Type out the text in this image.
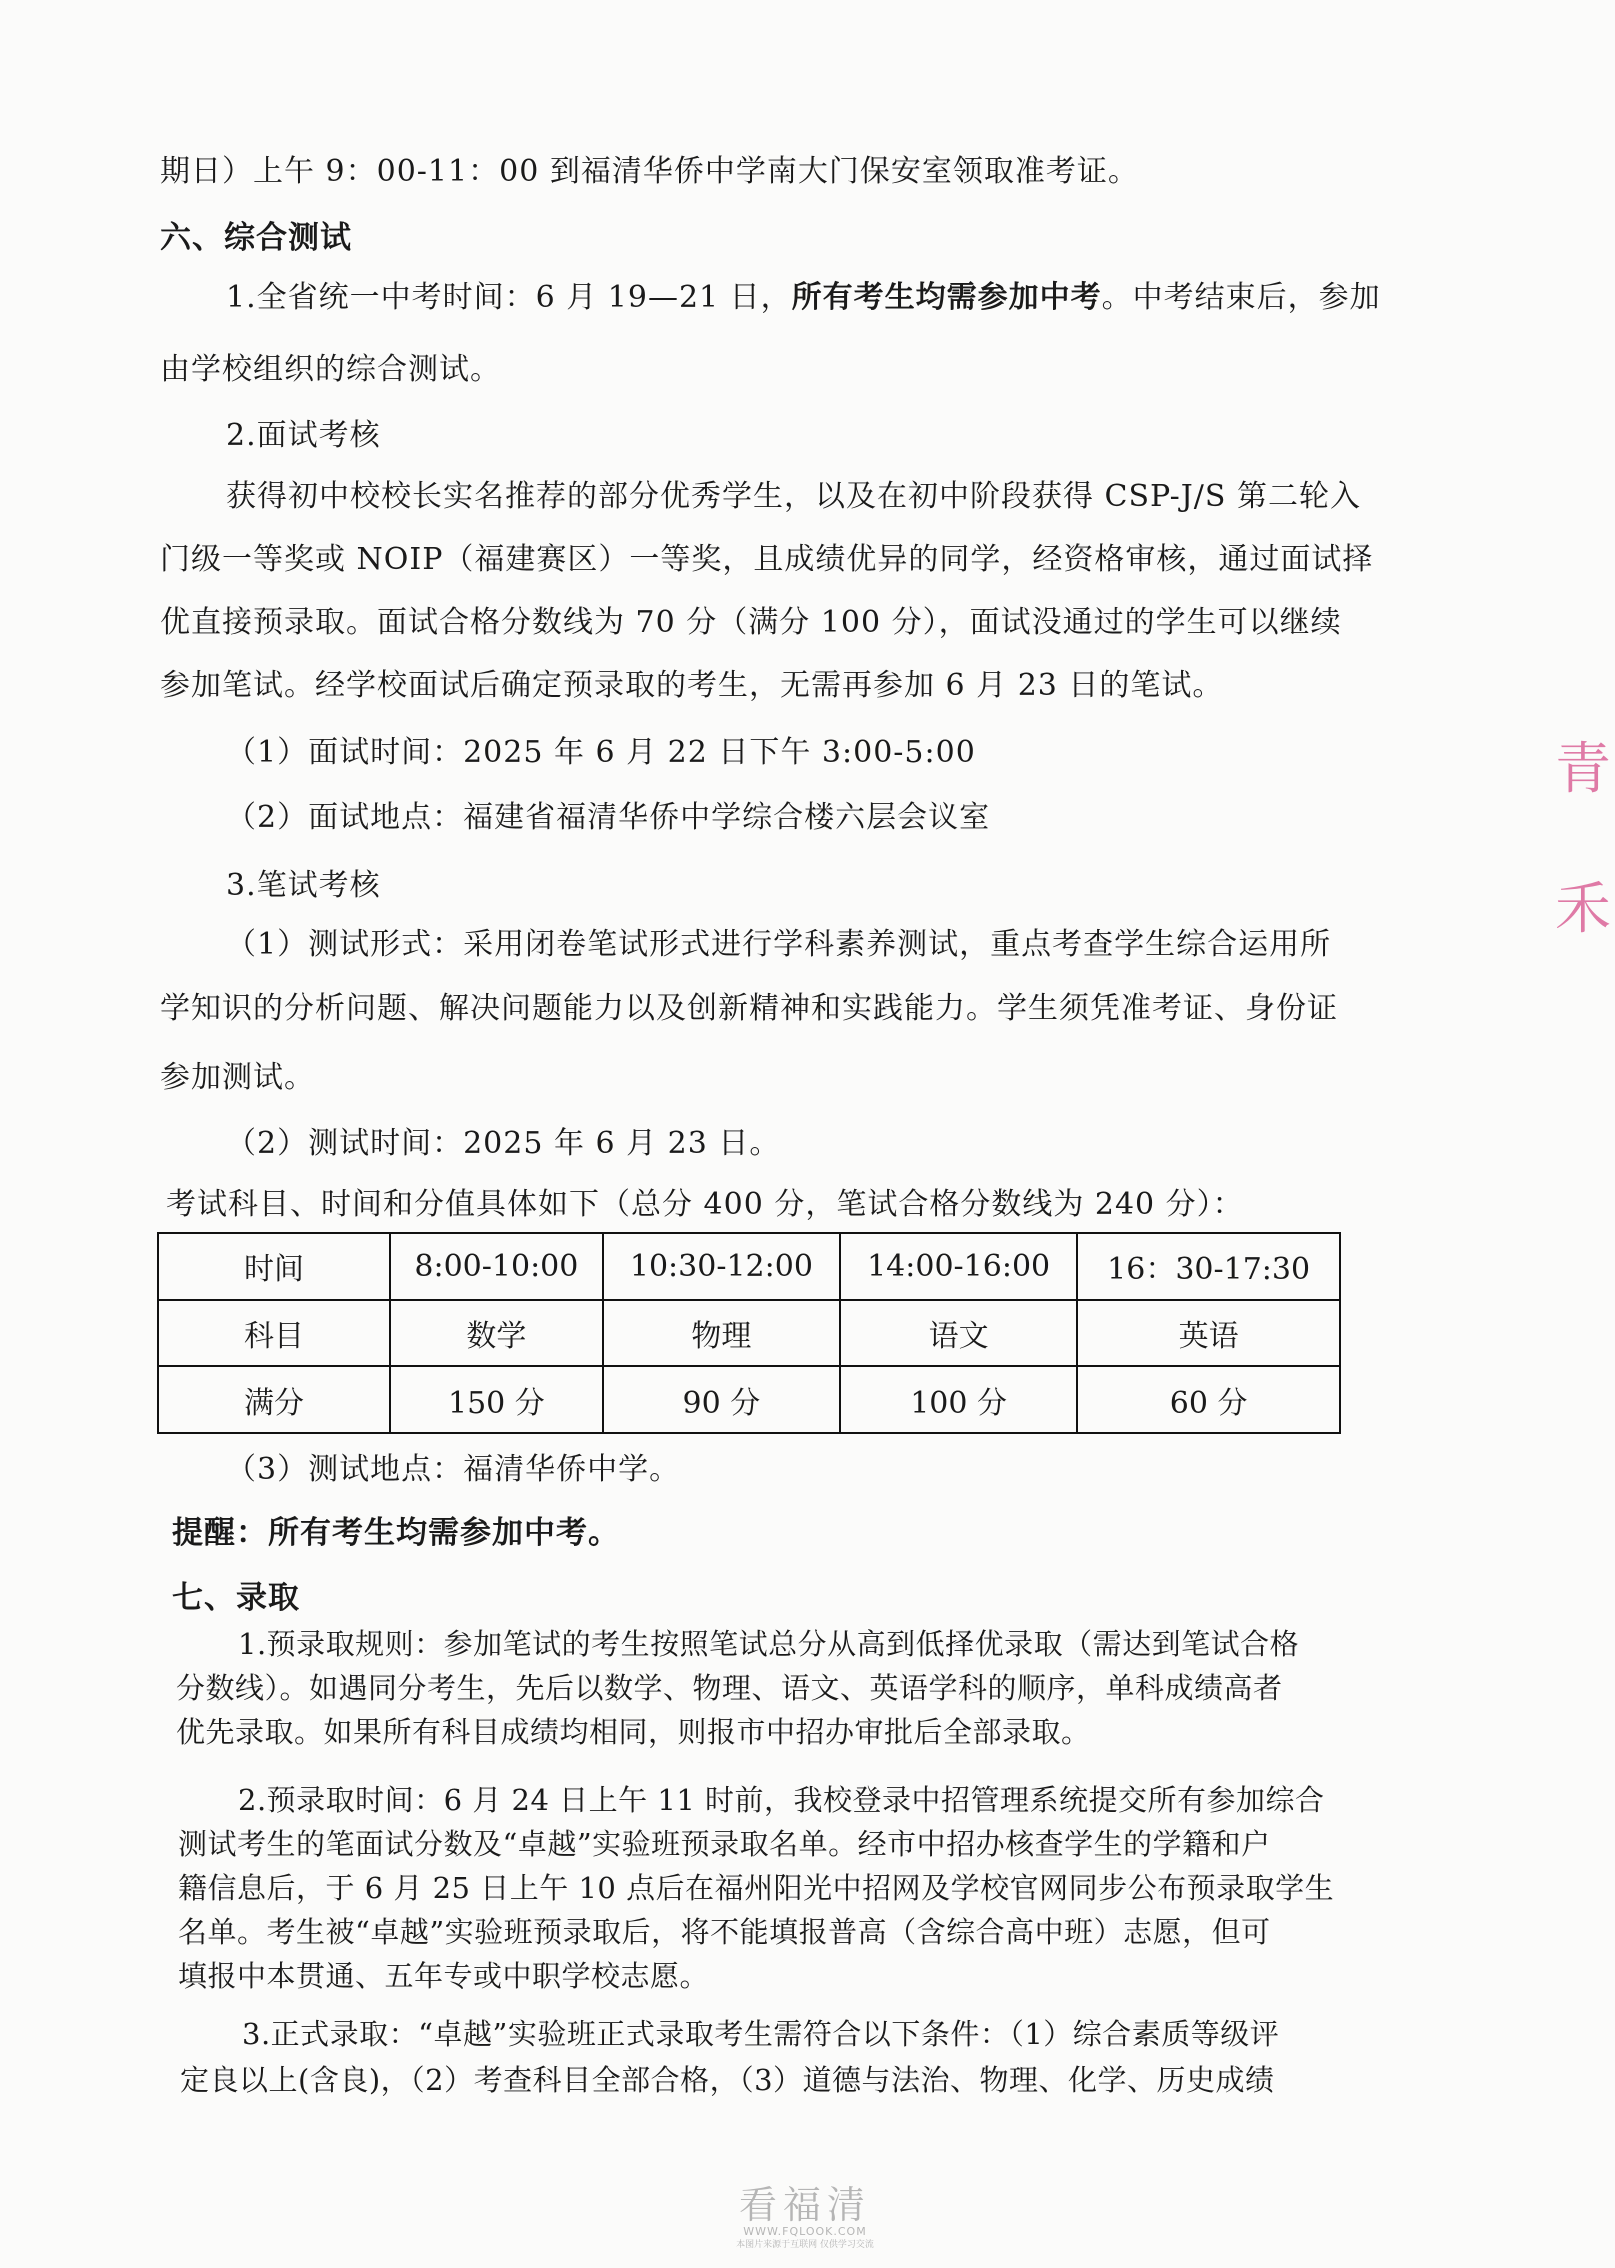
期日）上午 9：00-11：00 到福清华侨中学南大门保安室领取准考证。
六、综合测试
1.全省统一中考时间：6 月 19—21 日，所有考生均需参加中考。中考结束后，参加
由学校组织的综合测试。
2.面试考核
获得初中校校长实名推荐的部分优秀学生，以及在初中阶段获得 CSP-J/S 第二轮入
门级一等奖或 NOIP（福建赛区）一等奖，且成绩优异的同学，经资格审核，通过面试择
优直接预录取。面试合格分数线为 70 分（满分 100 分），面试没通过的学生可以继续
参加笔试。经学校面试后确定预录取的考生，无需再参加 6 月 23 日的笔试。
（1）面试时间：2025 年 6 月 22 日下午 3:00-5:00
（2）面试地点：福建省福清华侨中学综合楼六层会议室
3.笔试考核
（1）测试形式：采用闭卷笔试形式进行学科素养测试，重点考查学生综合运用所
学知识的分析问题、解决问题能力以及创新精神和实践能力。学生须凭准考证、身份证
参加测试。
（2）测试时间：2025 年 6 月 23 日。
考试科目、时间和分值具体如下（总分 400 分，笔试合格分数线为 240 分）：
时间	8:00-10:00	10:30-12:00	14:00-16:00	16：30-17:30
科目	数学	物理	语文	英语
满分	150 分	90 分	100 分	60 分
（3）测试地点：福清华侨中学。
提醒：所有考生均需参加中考。
七、录取
1.预录取规则：参加笔试的考生按照笔试总分从高到低择优录取（需达到笔试合格
分数线）。如遇同分考生，先后以数学、物理、语文、英语学科的顺序，单科成绩高者
优先录取。如果所有科目成绩均相同，则报市中招办审批后全部录取。
2.预录取时间：6 月 24 日上午 11 时前，我校登录中招管理系统提交所有参加综合
测试考生的笔面试分数及“卓越”实验班预录取名单。经市中招办核查学生的学籍和户
籍信息后，于 6 月 25 日上午 10 点后在福州阳光中招网及学校官网同步公布预录取学生
名单。考生被“卓越”实验班预录取后，将不能填报普高（含综合高中班）志愿，但可
填报中本贯通、五年专或中职学校志愿。
3.正式录取：“卓越”实验班正式录取考生需符合以下条件：（1）综合素质等级评
定良以上(含良)，（2）考查科目全部合格，（3）道德与法治、物理、化学、历史成绩
青
禾
看福清
WWW.FQLOOK.COM
本图片来源于互联网 仅供学习交流
